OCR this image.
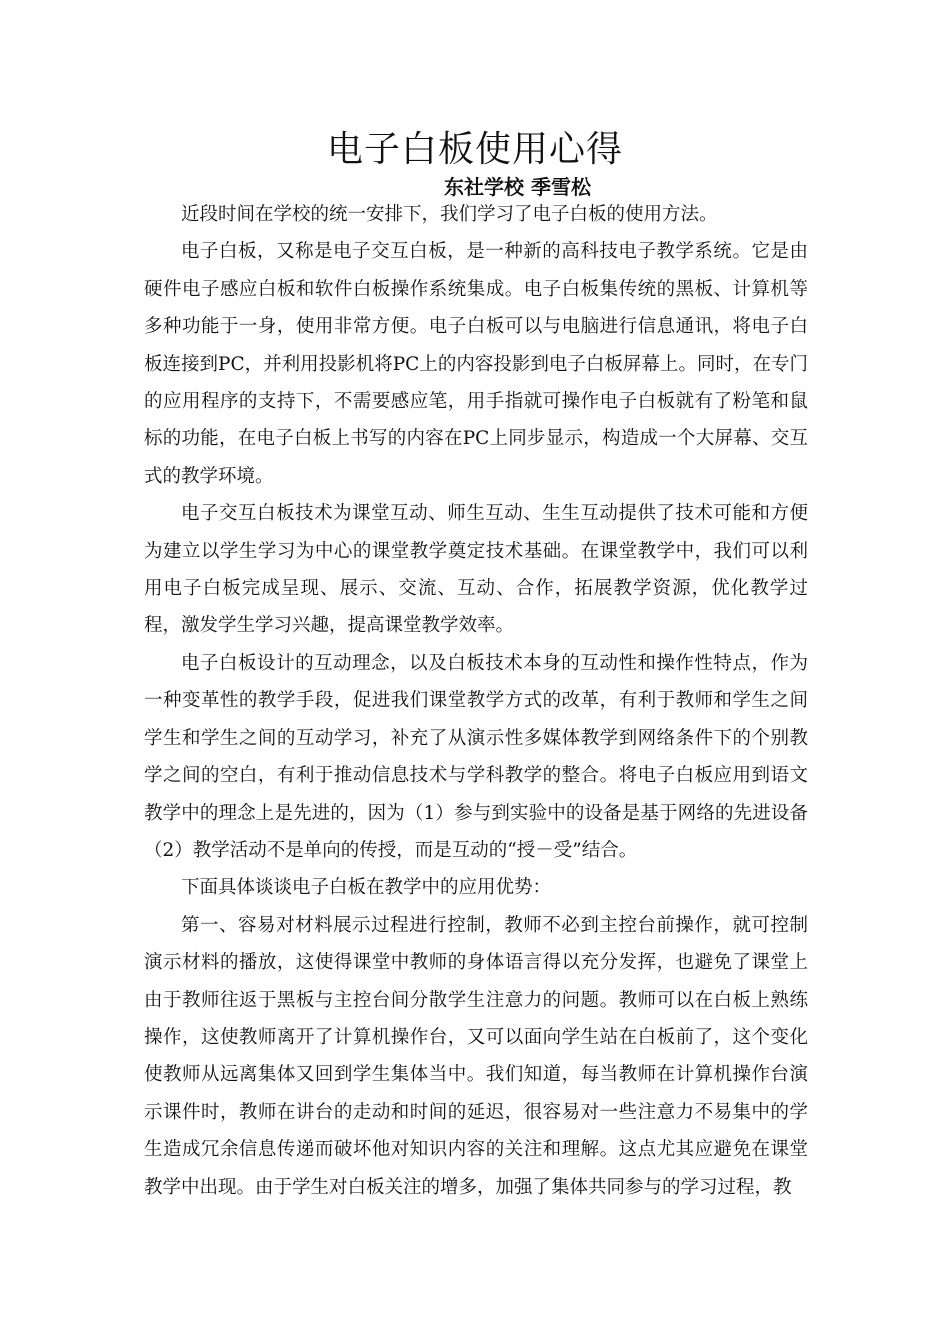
电子白板使用心得
东社学校 季雪松

近段时间在学校的统一安排下，我们学习了电子白板的使用方法。

电子白板，又称是电子交互白板，是一种新的高科技电子教学系统。它是由硬件电子感应白板和软件白板操作系统集成。电子白板集传统的黑板、计算机等多种功能于一身，使用非常方便。电子白板可以与电脑进行信息通讯，将电子白板连接到PC，并利用投影机将PC上的内容投影到电子白板屏幕上。同时，在专门的应用程序的支持下，不需要感应笔，用手指就可操作电子白板就有了粉笔和鼠标的功能，在电子白板上书写的内容在PC上同步显示，构造成一个大屏幕、交互式的教学环境。

电子交互白板技术为课堂互动、师生互动、生生互动提供了技术可能和方便为建立以学生学习为中心的课堂教学奠定技术基础。在课堂教学中，我们可以利用电子白板完成呈现、展示、交流、互动、合作，拓展教学资源，优化教学过程，激发学生学习兴趣，提高课堂教学效率。

电子白板设计的互动理念，以及白板技术本身的互动性和操作性特点，作为一种变革性的教学手段，促进我们课堂教学方式的改革，有利于教师和学生之间学生和学生之间的互动学习，补充了从演示性多媒体教学到网络条件下的个别教学之间的空白，有利于推动信息技术与学科教学的整合。将电子白板应用到语文教学中的理念上是先进的，因为（1）参与到实验中的设备是基于网络的先进设备（2）教学活动不是单向的传授，而是互动的“授－受”结合。

下面具体谈谈电子白板在教学中的应用优势：

第一、容易对材料展示过程进行控制，教师不必到主控台前操作，就可控制演示材料的播放，这使得课堂中教师的身体语言得以充分发挥，也避免了课堂上由于教师往返于黑板与主控台间分散学生注意力的问题。教师可以在白板上熟练操作，这使教师离开了计算机操作台，又可以面向学生站在白板前了，这个变化使教师从远离集体又回到学生集体当中。我们知道，每当教师在计算机操作台演示课件时，教师在讲台的走动和时间的延迟，很容易对一些注意力不易集中的学生造成冗余信息传递而破坏他对知识内容的关注和理解。这点尤其应避免在课堂教学中出现。由于学生对白板关注的增多，加强了集体共同参与的学习过程，教
